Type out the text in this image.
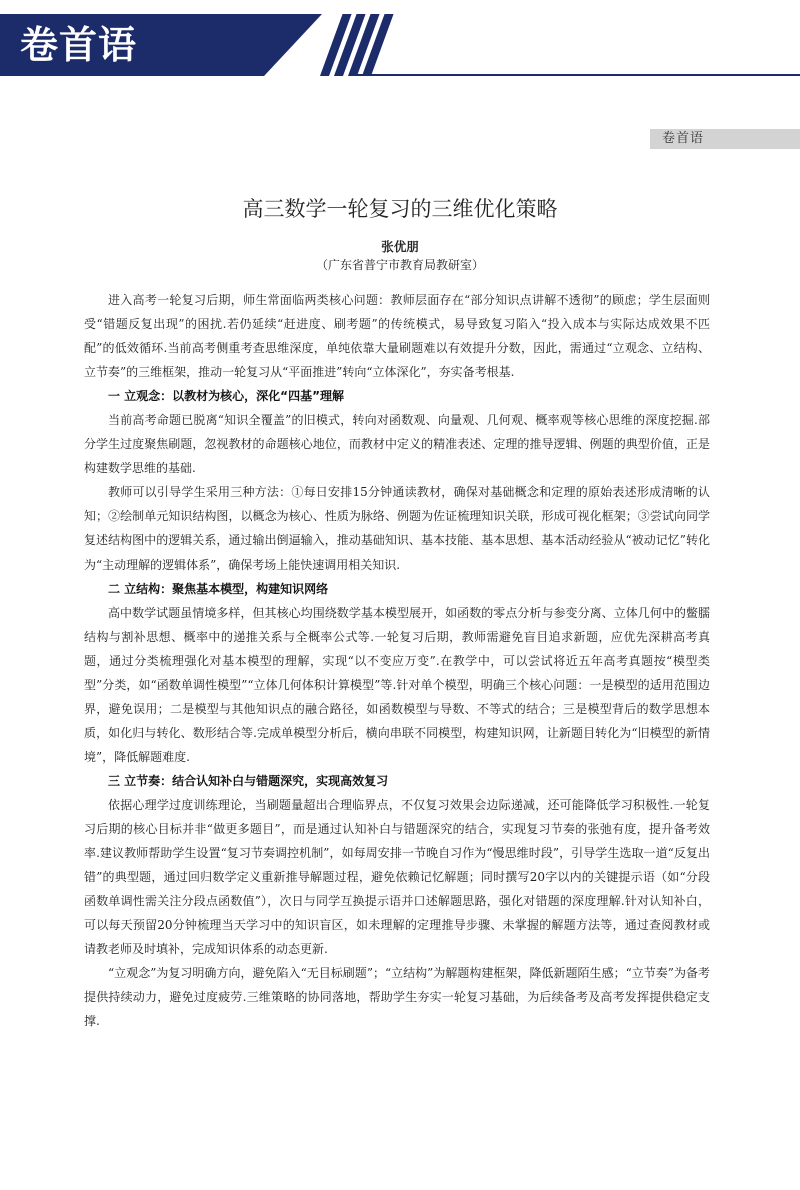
卷首语
卷首语
高三数学一轮复习的三维优化策略
张优朋
（广东省普宁市教育局教研室）

进入高考一轮复习后期，师生常面临两类核心问题：教师层面存在“部分知识点讲解不透彻”的顾虑；学生层面则受“错题反复出现”的困扰.若仍延续“赶进度、刷考题”的传统模式，易导致复习陷入“投入成本与实际达成效果不匹配”的低效循环.当前高考侧重考查思维深度，单纯依靠大量刷题难以有效提升分数，因此，需通过“立观念、立结构、立节奏”的三维框架，推动一轮复习从“平面推进”转向“立体深化”，夯实备考根基.

一 立观念：以教材为核心，深化“四基”理解

当前高考命题已脱离“知识全覆盖”的旧模式，转向对函数观、向量观、几何观、概率观等核心思维的深度挖掘.部分学生过度聚焦刷题，忽视教材的命题核心地位，而教材中定义的精准表述、定理的推导逻辑、例题的典型价值，正是构建数学思维的基础.

教师可以引导学生采用三种方法：①每日安排15分钟通读教材，确保对基础概念和定理的原始表述形成清晰的认知；②绘制单元知识结构图，以概念为核心、性质为脉络、例题为佐证梳理知识关联，形成可视化框架；③尝试向同学复述结构图中的逻辑关系，通过输出倒逼输入，推动基础知识、基本技能、基本思想、基本活动经验从“被动记忆”转化为“主动理解的逻辑体系”，确保考场上能快速调用相关知识.

二 立结构：聚焦基本模型，构建知识网络

高中数学试题虽情境多样，但其核心均围绕数学基本模型展开，如函数的零点分析与参变分离、立体几何中的鳖臑结构与割补思想、概率中的递推关系与全概率公式等.一轮复习后期，教师需避免盲目追求新题，应优先深耕高考真题，通过分类梳理强化对基本模型的理解，实现“以不变应万变”.在教学中，可以尝试将近五年高考真题按“模型类型”分类，如“函数单调性模型”“立体几何体积计算模型”等.针对单个模型，明确三个核心问题：一是模型的适用范围边界，避免误用；二是模型与其他知识点的融合路径，如函数模型与导数、不等式的结合；三是模型背后的数学思想本质，如化归与转化、数形结合等.完成单模型分析后，横向串联不同模型，构建知识网，让新题目转化为“旧模型的新情境”，降低解题难度.

三 立节奏：结合认知补白与错题深究，实现高效复习

依据心理学过度训练理论，当刷题量超出合理临界点，不仅复习效果会边际递减，还可能降低学习积极性.一轮复习后期的核心目标并非“做更多题目”，而是通过认知补白与错题深究的结合，实现复习节奏的张弛有度，提升备考效率.建议教师帮助学生设置“复习节奏调控机制”，如每周安排一节晚自习作为“慢思维时段”，引导学生选取一道“反复出错”的典型题，通过回归数学定义重新推导解题过程，避免依赖记忆解题；同时撰写20字以内的关键提示语（如“分段函数单调性需关注分段点函数值”），次日与同学互换提示语并口述解题思路，强化对错题的深度理解.针对认知补白，可以每天预留20分钟梳理当天学习中的知识盲区，如未理解的定理推导步骤、未掌握的解题方法等，通过查阅教材或请教老师及时填补，完成知识体系的动态更新.

“立观念”为复习明确方向，避免陷入“无目标刷题”；“立结构”为解题构建框架，降低新题陌生感；“立节奏”为备考提供持续动力，避免过度疲劳.三维策略的协同落地，帮助学生夯实一轮复习基础，为后续备考及高考发挥提供稳定支撑.
